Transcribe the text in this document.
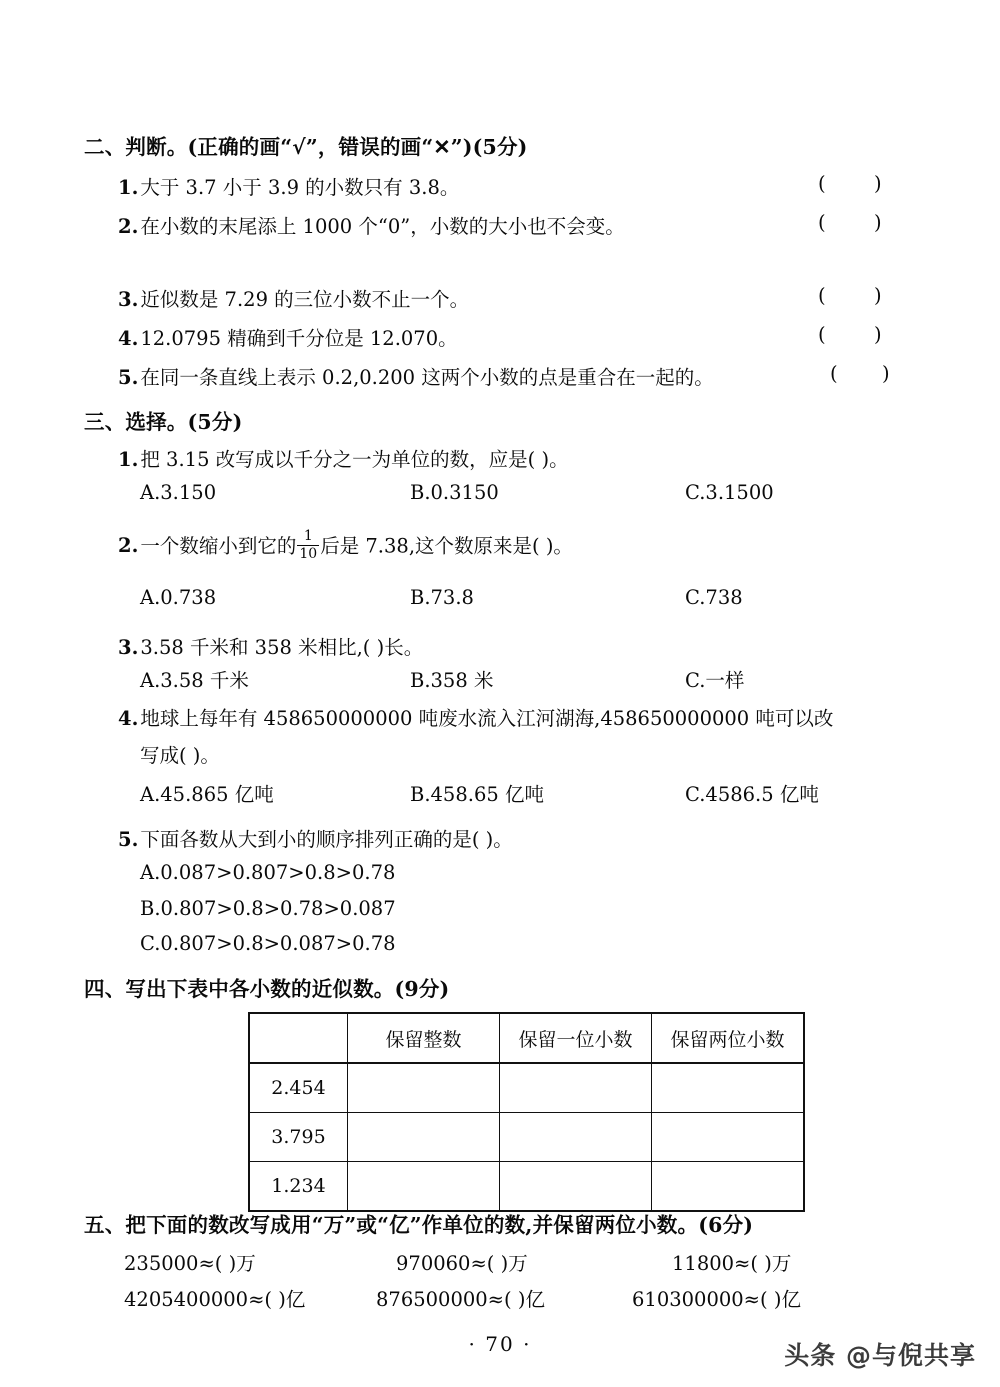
二、判断。(正确的画“√”，错误的画“✕”)(5分)
1. 大于 3.7 小于 3.9 的小数只有 3.8。	( )
2. 在小数的末尾添上 1000 个“0”，小数的大小也不会变。	( )
3. 近似数是 7.29 的三位小数不止一个。	( )
4. 12.0795 精确到千分位是 12.070。	( )
5. 在同一条直线上表示 0.2,0.200 这两个小数的点是重合在一起的。	( )
三、选择。(5分)
1. 把 3.15 改写成以千分之一为单位的数，应是( )。
A.3.150	B.0.3150	C.3.1500
2. 一个数缩小到它的 $\frac{1}{10}$ 后是 7.38,这个数原来是( )。
A.0.738	B.73.8	C.738
3. 3.58 千米和 358 米相比,( )长。
A.3.58 千米	B.358 米	C.一样
4. 地球上每年有 458650000000 吨废水流入江河湖海,458650000000 吨可以改
写成( )。
A.45.865 亿吨	B.458.65 亿吨	C.4586.5 亿吨
5. 下面各数从大到小的顺序排列正确的是( )。
A.0.087>0.807>0.8>0.78
B.0.807>0.8>0.78>0.087
C.0.807>0.8>0.087>0.78
四、写出下表中各小数的近似数。(9分)
	保留整数	保留一位小数	保留两位小数
2.454			
3.795			
1.234			
五、把下面的数改写成用“万”或“亿”作单位的数,并保留两位小数。(6分)
235000≈( )万	970060≈( )万	11800≈( )万
4205400000≈( )亿	876500000≈( )亿	610300000≈( )亿
· 70 ·	头条 @与倪共享
